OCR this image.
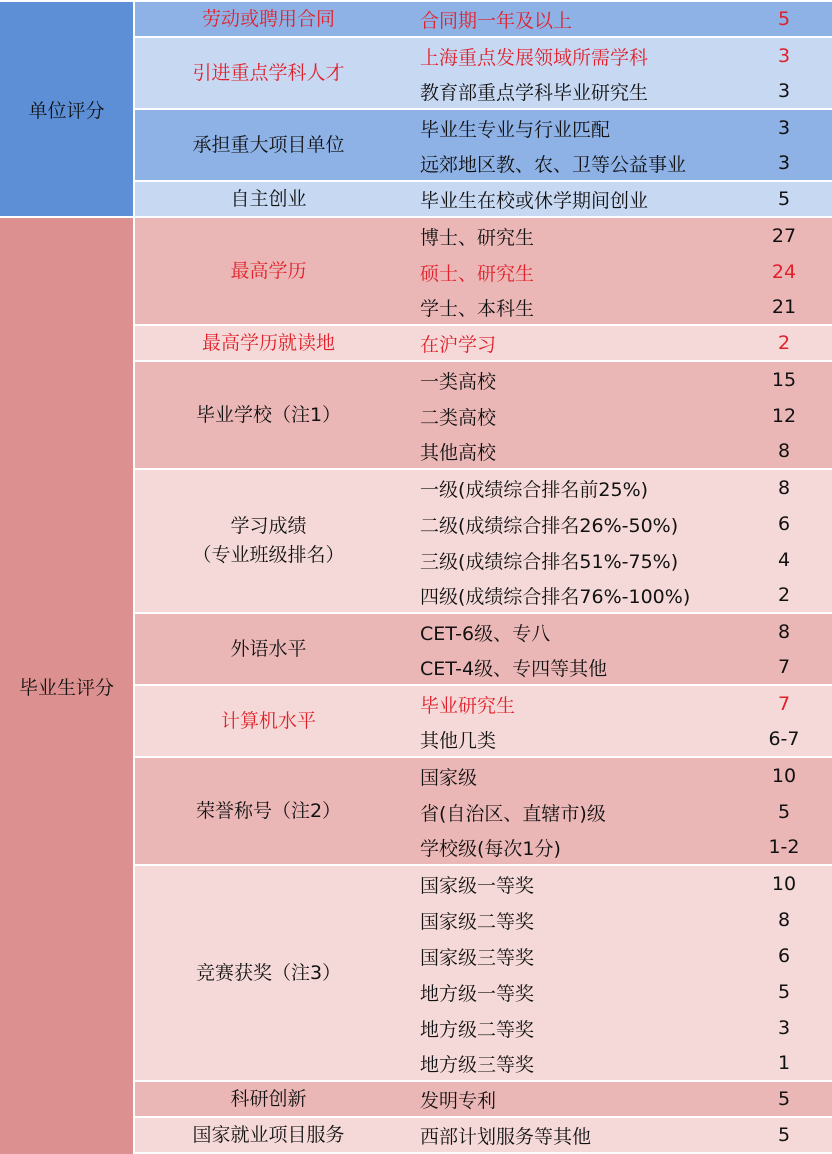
劳动或聘用合同	合同期一年及以上	5
引进重点学科人才
上海重点发展领域所需学科	3
教育部重点学科毕业研究生	3
承担重大项目单位
毕业生专业与行业匹配	3
远郊地区教、农、卫等公益事业	3
自主创业	毕业生在校或休学期间创业	5
单位评分
最高学历
博士、研究生	27
硕士、研究生	24
学士、本科生	21
最高学历就读地	在沪学习	2
毕业学校（注1）
一类高校	15
二类高校	12
其他高校	8
学习成绩
（专业班级排名）
一级(成绩综合排名前25%)	8
二级(成绩综合排名26%-50%)	6
三级(成绩综合排名51%-75%)	4
四级(成绩综合排名76%-100%)	2
外语水平
CET-6级、专八	8
CET-4级、专四等其他	7
计算机水平
毕业研究生	7
其他几类	6-7
荣誉称号（注2）
国家级	10
省(自治区、直辖市)级	5
学校级(每次1分)	1-2
竞赛获奖（注3）
国家级一等奖	10
国家级二等奖	8
国家级三等奖	6
地方级一等奖	5
地方级二等奖	3
地方级三等奖	1
科研创新	发明专利	5
国家就业项目服务	西部计划服务等其他	5
毕业生评分
